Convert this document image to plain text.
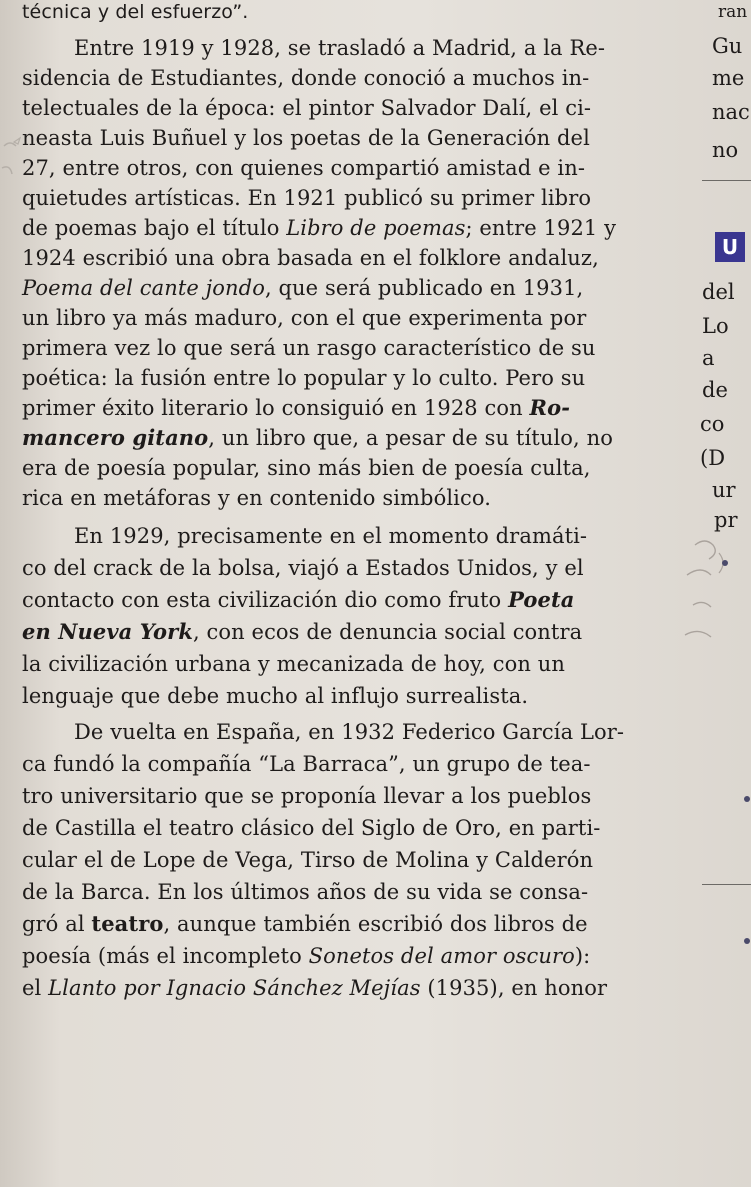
técnica y del esfuerzo”.
Entre 1919 y 1928, se trasladó a Madrid, a la Re-
sidencia de Estudiantes, donde conoció a muchos in-
telectuales de la época: el pintor Salvador Dalí, el ci-
neasta Luis Buñuel y los poetas de la Generación del
27, entre otros, con quienes compartió amistad e in-
quietudes artísticas. En 1921 publicó su primer libro
de poemas bajo el título Libro de poemas; entre 1921 y
1924 escribió una obra basada en el folklore andaluz,
Poema del cante jondo, que será publicado en 1931,
un libro ya más maduro, con el que experimenta por
primera vez lo que será un rasgo característico de su
poética: la fusión entre lo popular y lo culto. Pero su
primer éxito literario lo consiguió en 1928 con Ro-
mancero gitano, un libro que, a pesar de su título, no
era de poesía popular, sino más bien de poesía culta,
rica en metáforas y en contenido simbólico.
En 1929, precisamente en el momento dramáti-
co del crack de la bolsa, viajó a Estados Unidos, y el
contacto con esta civilización dio como fruto Poeta
en Nueva York, con ecos de denuncia social contra
la civilización urbana y mecanizada de hoy, con un
lenguaje que debe mucho al influjo surrealista.
De vuelta en España, en 1932 Federico García Lor-
ca fundó la compañía “La Barraca”, un grupo de tea-
tro universitario que se proponía llevar a los pueblos
de Castilla el teatro clásico del Siglo de Oro, en parti-
cular el de Lope de Vega, Tirso de Molina y Calderón
de la Barca. En los últimos años de su vida se consa-
gró al teatro, aunque también escribió dos libros de
poesía (más el incompleto Sonetos del amor oscuro):
el Llanto por Ignacio Sánchez Mejías (1935), en honor
ran
Gu
me
nac
no
del
Lo
a
de
co
(D
ur
pr
U
